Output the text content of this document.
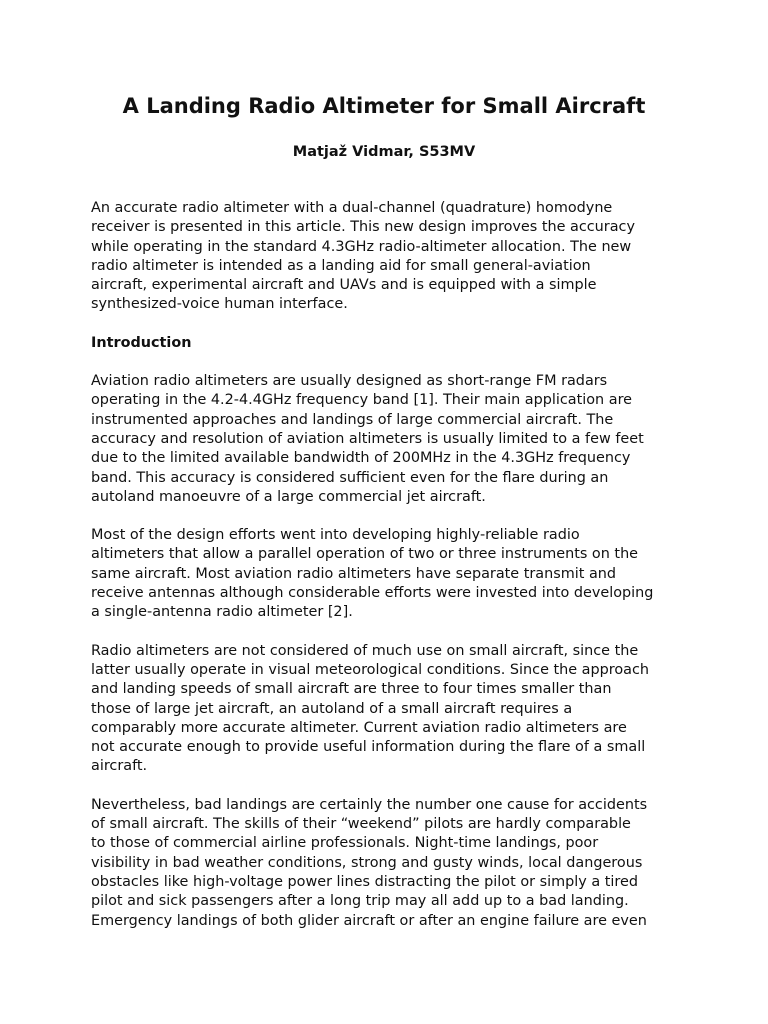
A Landing Radio Altimeter for Small Aircraft
Matjaž Vidmar, S53MV
An accurate radio altimeter with a dual-channel (quadrature) homodyne
receiver is presented in this article. This new design improves the accuracy
while operating in the standard 4.3GHz radio-altimeter allocation. The new
radio altimeter is intended as a landing aid for small general-aviation
aircraft, experimental aircraft and UAVs and is equipped with a simple
synthesized-voice human interface.
Introduction
Aviation radio altimeters are usually designed as short-range FM radars
operating in the 4.2-4.4GHz frequency band [1]. Their main application are
instrumented approaches and landings of large commercial aircraft. The
accuracy and resolution of aviation altimeters is usually limited to a few feet
due to the limited available bandwidth of 200MHz in the 4.3GHz frequency
band. This accuracy is considered sufficient even for the flare during an
autoland manoeuvre of a large commercial jet aircraft.
Most of the design efforts went into developing highly-reliable radio
altimeters that allow a parallel operation of two or three instruments on the
same aircraft. Most aviation radio altimeters have separate transmit and
receive antennas although considerable efforts were invested into developing
a single-antenna radio altimeter [2].
Radio altimeters are not considered of much use on small aircraft, since the
latter usually operate in visual meteorological conditions. Since the approach
and landing speeds of small aircraft are three to four times smaller than
those of large jet aircraft, an autoland of a small aircraft requires a
comparably more accurate altimeter. Current aviation radio altimeters are
not accurate enough to provide useful information during the flare of a small
aircraft.
Nevertheless, bad landings are certainly the number one cause for accidents
of small aircraft. The skills of their “weekend” pilots are hardly comparable
to those of commercial airline professionals. Night-time landings, poor
visibility in bad weather conditions, strong and gusty winds, local dangerous
obstacles like high-voltage power lines distracting the pilot or simply a tired
pilot and sick passengers after a long trip may all add up to a bad landing.
Emergency landings of both glider aircraft or after an engine failure are even
